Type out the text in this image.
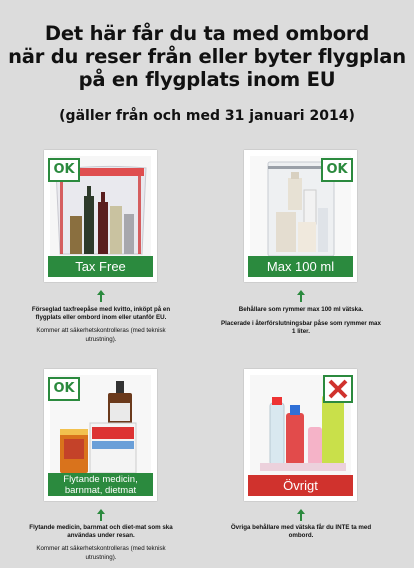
Det här får du ta med ombord
när du reser från eller byter flygplan
på en flygplats inom EU
(gäller från och med 31 januari 2014)
OK
Tax Free
OK
Max 100 ml
OK
Flytande medicin,
barnmat, dietmat	Övrigt
Förseglad taxfreepåse med kvitto, inköpt på en flygplats eller ombord inom eller utanför EU.
Kommer att säkerhetskontrolleras (med teknisk utrustning).
Behållare som rymmer max 100 ml vätska.
Placerade i återförslutningsbar påse som rymmer max 1 liter.
Flytande medicin, barnmat och diet-mat som ska användas under resan.
Kommer att säkerhetskontrolleras (med teknisk utrustning).
Övriga behållare med vätska får du INTE ta med ombord.
